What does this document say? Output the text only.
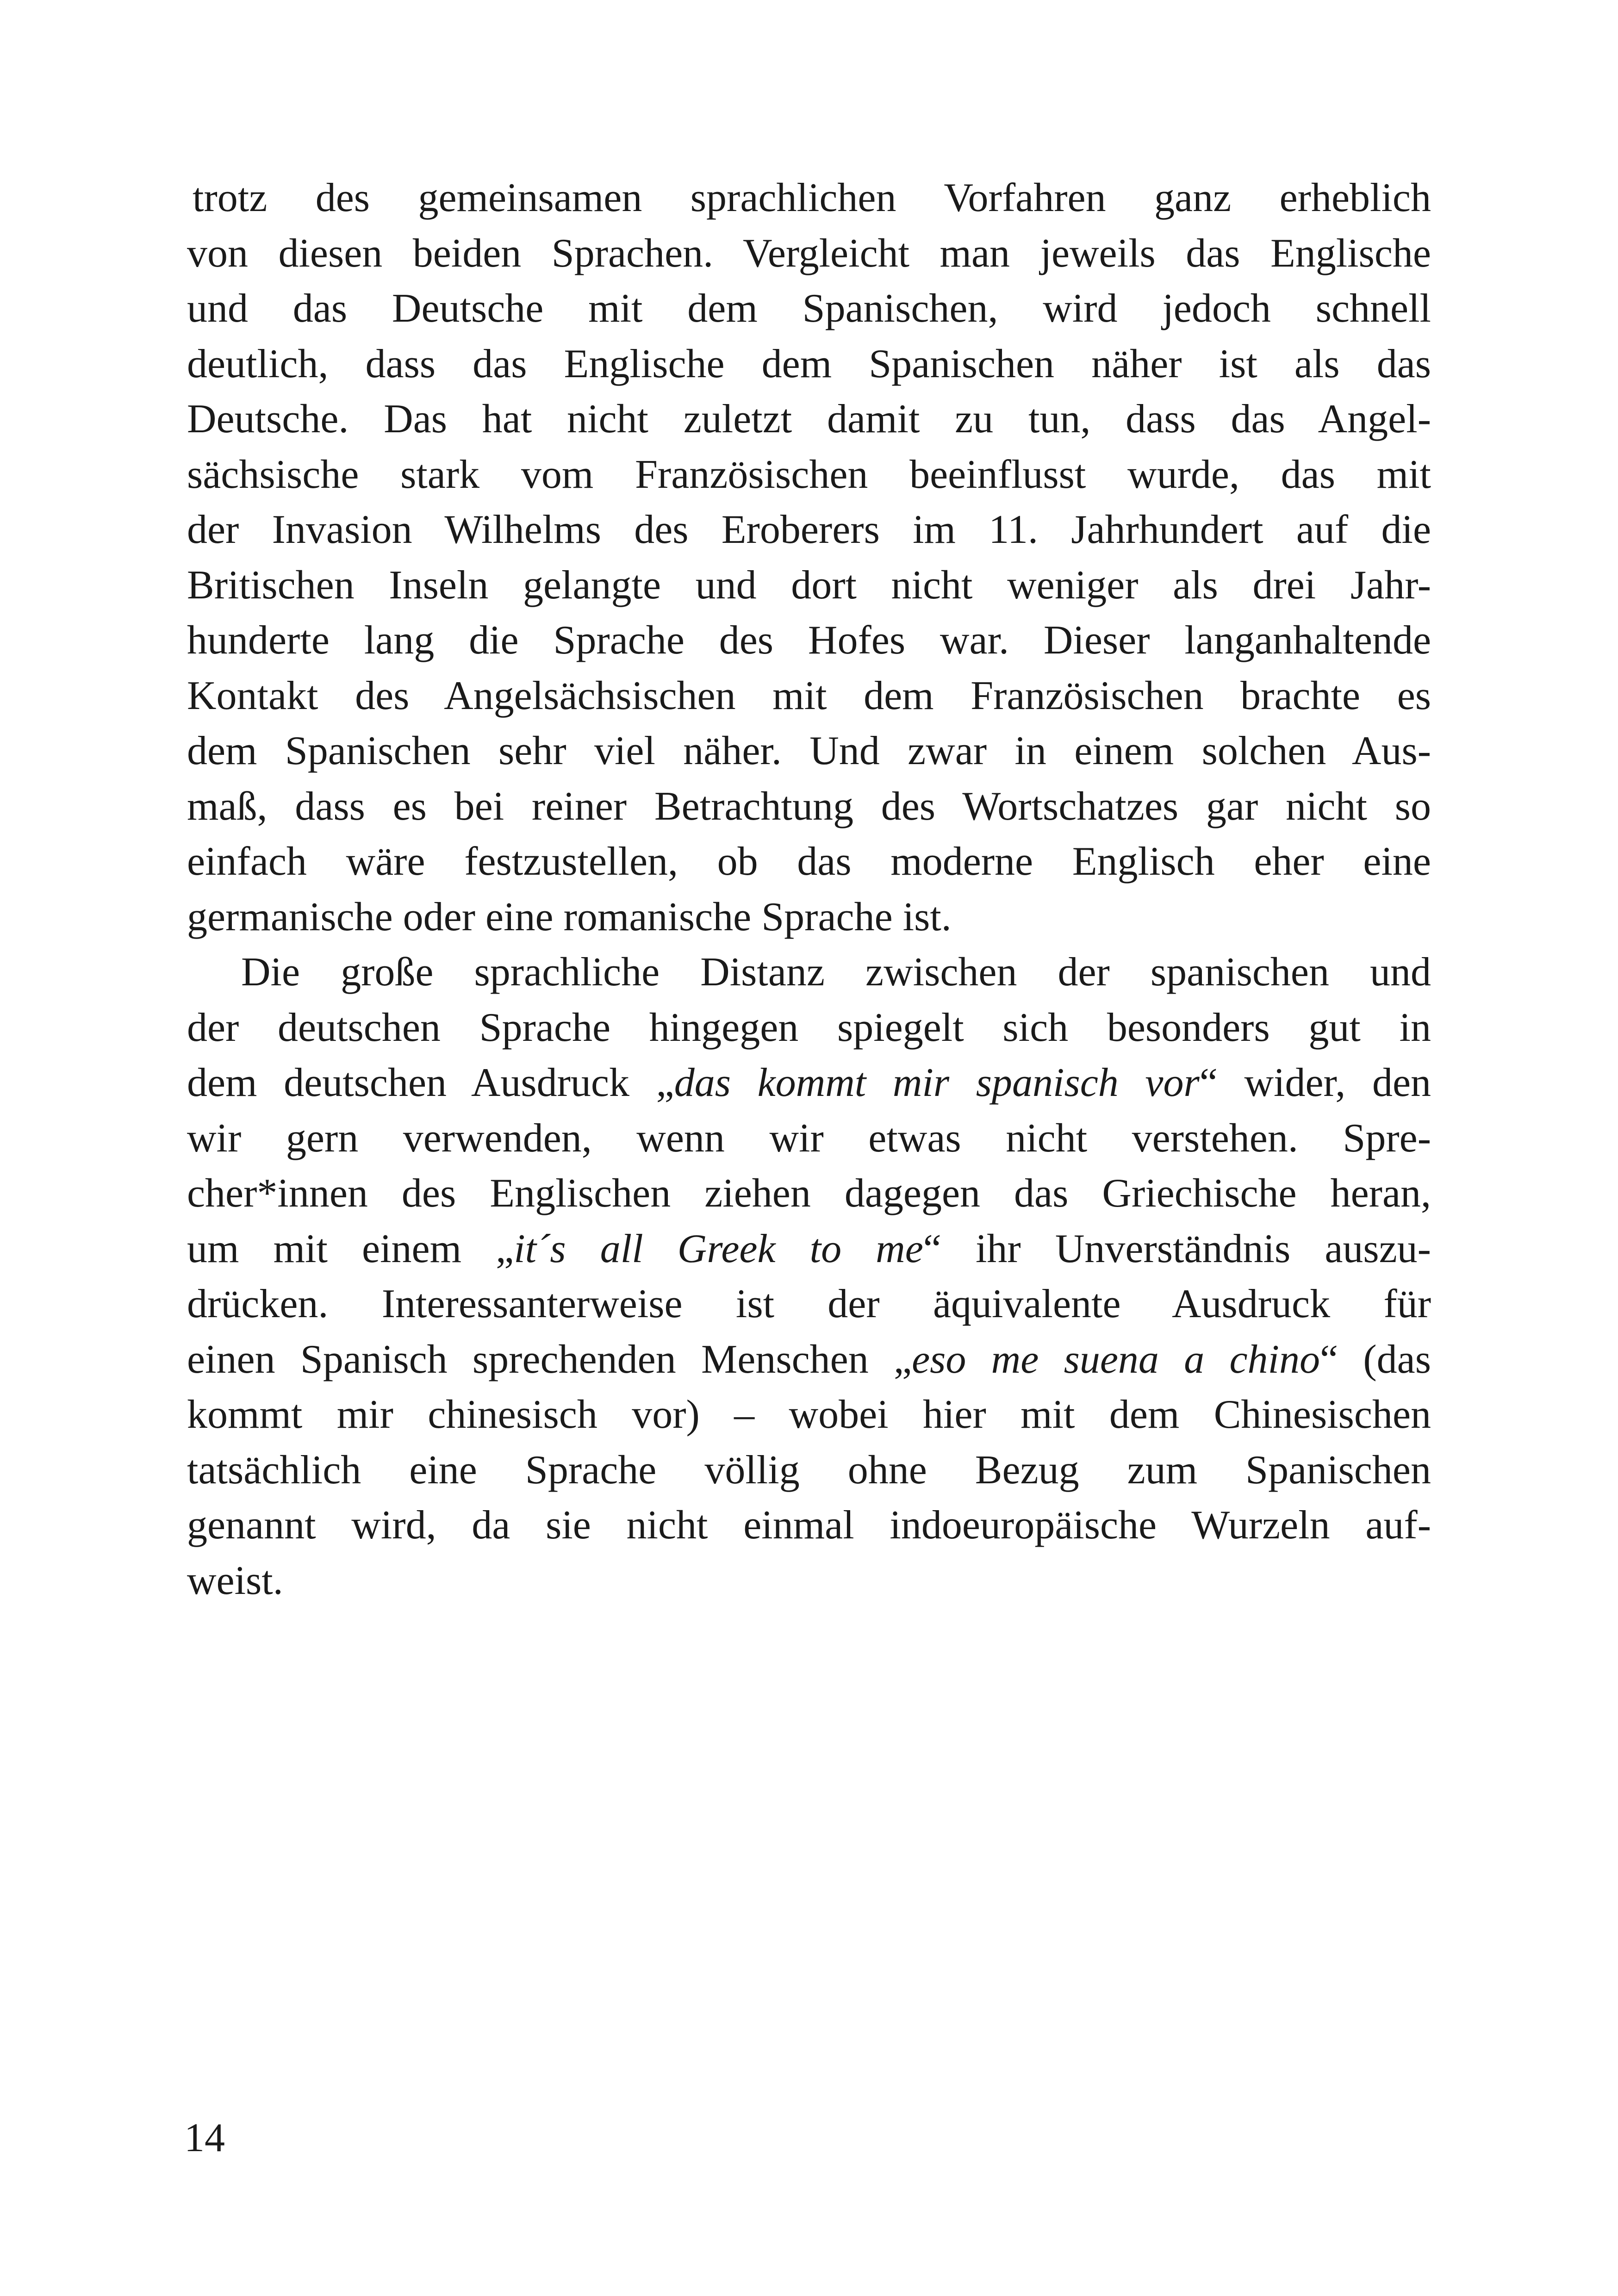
trotz des gemeinsamen sprachlichen Vorfahren ganz erheblich
von diesen beiden Sprachen. Vergleicht man jeweils das Englische
und das Deutsche mit dem Spanischen, wird jedoch schnell
deutlich, dass das Englische dem Spanischen näher ist als das
Deutsche. Das hat nicht zuletzt damit zu tun, dass das Angel-
sächsische stark vom Französischen beeinflusst wurde, das mit
der Invasion Wilhelms des Eroberers im 11. Jahrhundert auf die
Britischen Inseln gelangte und dort nicht weniger als drei Jahr-
hunderte lang die Sprache des Hofes war. Dieser langanhaltende
Kontakt des Angelsächsischen mit dem Französischen brachte es
dem Spanischen sehr viel näher. Und zwar in einem solchen Aus-
maß, dass es bei reiner Betrachtung des Wortschatzes gar nicht so
einfach wäre festzustellen, ob das moderne Englisch eher eine
germanische oder eine romanische Sprache ist.
Die große sprachliche Distanz zwischen der spanischen und
der deutschen Sprache hingegen spiegelt sich besonders gut in
dem deutschen Ausdruck „das kommt mir spanisch vor“ wider, den
wir gern verwenden, wenn wir etwas nicht verstehen. Spre-
cher*innen des Englischen ziehen dagegen das Griechische heran,
um mit einem „it´s all Greek to me“ ihr Unverständnis auszu-
drücken. Interessanterweise ist der äquivalente Ausdruck für
einen Spanisch sprechenden Menschen „eso me suena a chino“ (das
kommt mir chinesisch vor) – wobei hier mit dem Chinesischen
tatsächlich eine Sprache völlig ohne Bezug zum Spanischen
genannt wird, da sie nicht einmal indoeuropäische Wurzeln auf-
weist.
14
